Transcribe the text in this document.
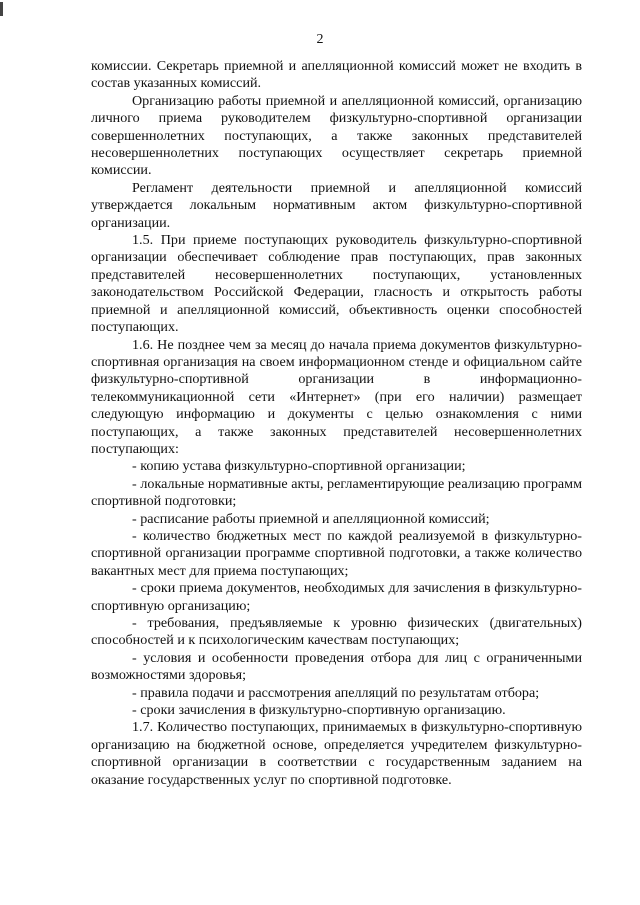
2

комиссии. Секретарь приемной и апелляционной комиссий может не входить в состав указанных комиссий.

Организацию работы приемной и апелляционной комиссий, организацию личного приема руководителем физкультурно-спортивной организации совершеннолетних поступающих, а также законных представителей несовершеннолетних поступающих осуществляет секретарь приемной комиссии.

Регламент деятельности приемной и апелляционной комиссий утверждается локальным нормативным актом физкультурно-спортивной организации.

1.5. При приеме поступающих руководитель физкультурно-спортивной организации обеспечивает соблюдение прав поступающих, прав законных представителей несовершеннолетних поступающих, установленных законодательством Российской Федерации, гласность и открытость работы приемной и апелляционной комиссий, объективность оценки способностей поступающих.

1.6. Не позднее чем за месяц до начала приема документов физкультурно-спортивная организация на своем информационном стенде и официальном сайте физкультурно-спортивной организации в информационно-телекоммуникационной сети «Интернет» (при его наличии) размещает следующую информацию и документы с целью ознакомления с ними поступающих, а также законных представителей несовершеннолетних поступающих:

- копию устава физкультурно-спортивной организации;

- локальные нормативные акты, регламентирующие реализацию программ спортивной подготовки;

- расписание работы приемной и апелляционной комиссий;

- количество бюджетных мест по каждой реализуемой в физкультурно-спортивной организации программе спортивной подготовки, а также количество вакантных мест для приема поступающих;

- сроки приема документов, необходимых для зачисления в физкультурно-спортивную организацию;

- требования, предъявляемые к уровню физических (двигательных) способностей и к психологическим качествам поступающих;

- условия и особенности проведения отбора для лиц с ограниченными возможностями здоровья;

- правила подачи и рассмотрения апелляций по результатам отбора;

- сроки зачисления в физкультурно-спортивную организацию.

1.7. Количество поступающих, принимаемых в физкультурно-спортивную организацию на бюджетной основе, определяется учредителем физкультурно-спортивной организации в соответствии с государственным заданием на оказание государственных услуг по спортивной подготовке.
